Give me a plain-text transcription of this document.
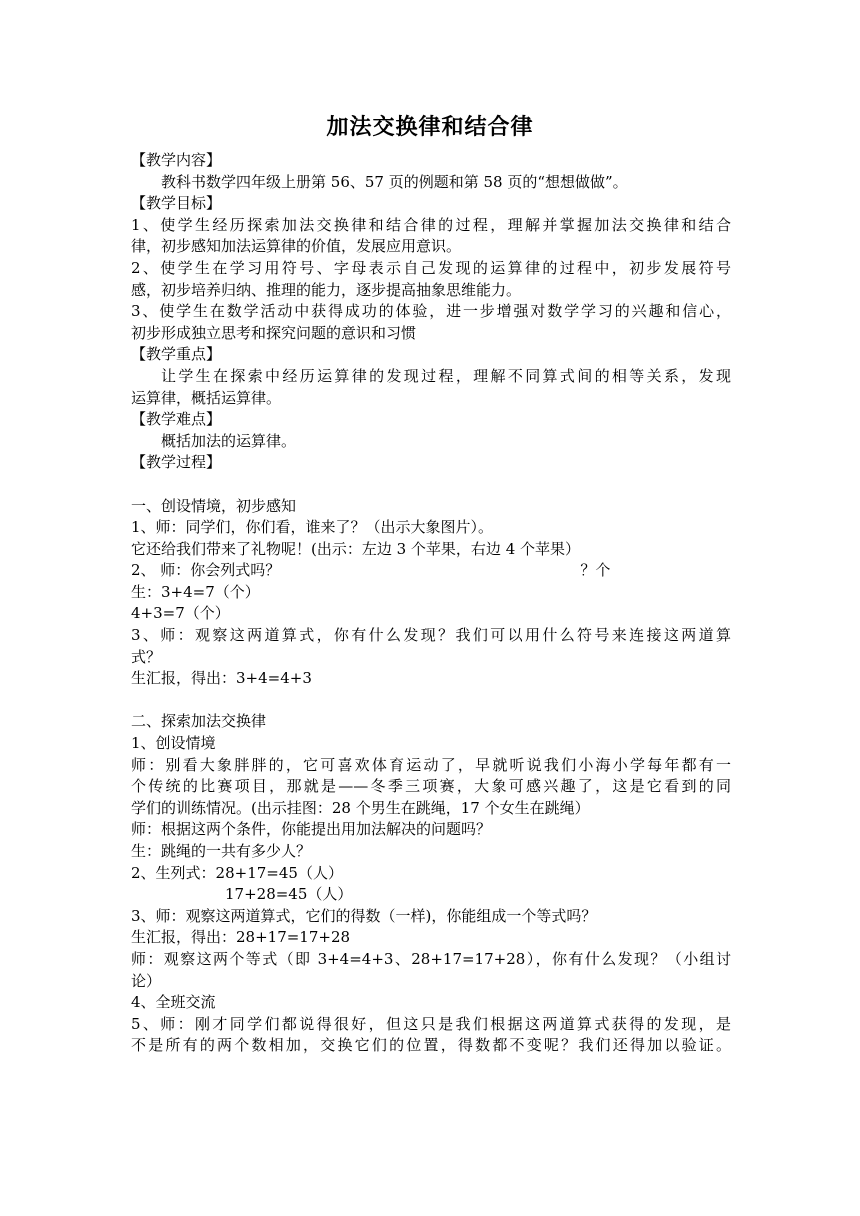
加法交换律和结合律
【教学内容】
教科书数学四年级上册第 56、57 页的例题和第 58 页的“想想做做”。
【教学目标】
1、使学生经历探索加法交换律和结合律的过程，理解并掌握加法交换律和结合
律，初步感知加法运算律的价值，发展应用意识。
2、使学生在学习用符号、字母表示自己发现的运算律的过程中，初步发展符号
感，初步培养归纳、推理的能力，逐步提高抽象思维能力。
3、使学生在数学活动中获得成功的体验，进一步增强对数学学习的兴趣和信心，
初步形成独立思考和探究问题的意识和习惯
【教学重点】
让学生在探索中经历运算律的发现过程，理解不同算式间的相等关系，发现
运算律，概括运算律。
【教学难点】
概括加法的运算律。
【教学过程】
一、创设情境，初步感知
1、师：同学们，你们看，谁来了？（出示大象图片）。
它还给我们带来了礼物呢！(出示：左边 3 个苹果，右边 4 个苹果）
2、 师：你会列式吗？	？个
生：3+4=7（个）
4+3=7（个）
3、师：观察这两道算式，你有什么发现？我们可以用什么符号来连接这两道算
式？
生汇报，得出：3+4=4+3
二、探索加法交换律
1、创设情境
师：别看大象胖胖的，它可喜欢体育运动了，早就听说我们小海小学每年都有一
个传统的比赛项目，那就是——冬季三项赛，大象可感兴趣了，这是它看到的同
学们的训练情况。(出示挂图：28 个男生在跳绳，17 个女生在跳绳）
师：根据这两个条件，你能提出用加法解决的问题吗？
生：跳绳的一共有多少人？
2、生列式：28+17=45（人）
17+28=45（人）
3、师：观察这两道算式，它们的得数（一样)，你能组成一个等式吗？
生汇报，得出：28+17=17+28
师：观察这两个等式（即 3+4=4+3、28+17=17+28），你有什么发现？（小组讨
论）
4、全班交流
5、师：刚才同学们都说得很好，但这只是我们根据这两道算式获得的发现，是
不是所有的两个数相加，交换它们的位置，得数都不变呢？我们还得加以验证。
